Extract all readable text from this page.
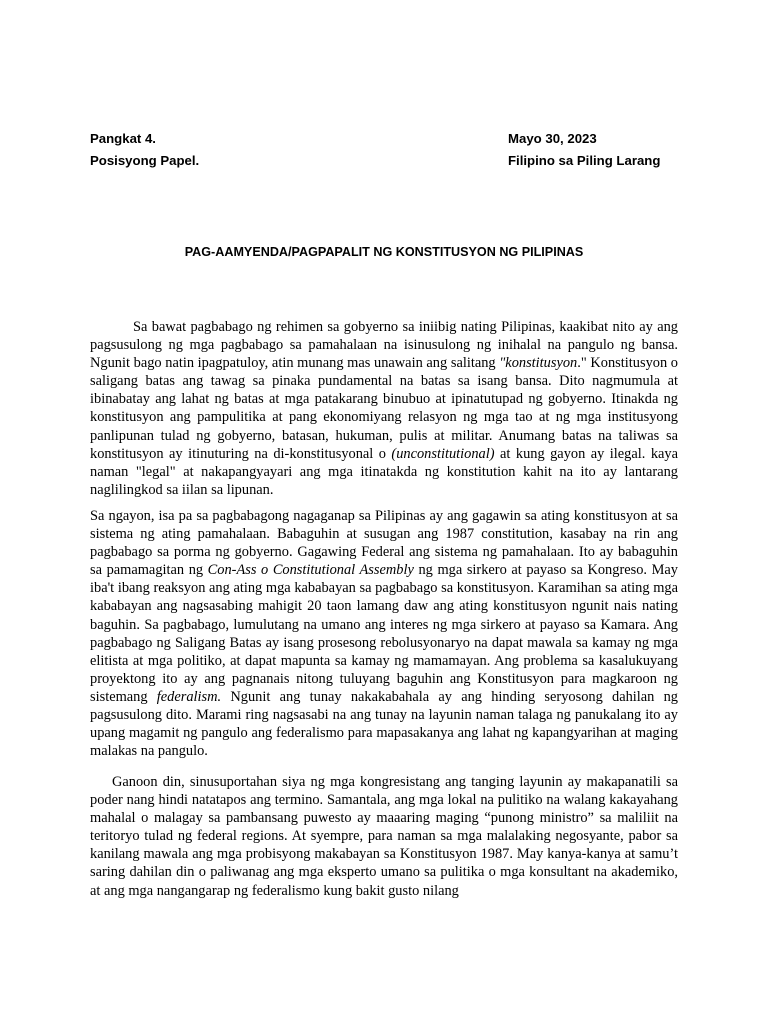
Pangkat 4.
Posisyong Papel.
Mayo 30, 2023
Filipino sa Piling Larang
PAG-AAMYENDA/PAGPAPALIT NG KONSTITUSYON NG PILIPINAS

Sa bawat pagbabago ng rehimen sa gobyerno sa iniibig nating Pilipinas, kaakibat nito ay ang pagsusulong ng mga pagbabago sa pamahalaan na isinusulong ng inihalal na pangulo ng bansa. Ngunit bago natin ipagpatuloy, atin munang mas unawain ang salitang "konstitusyon." Konstitusyon o saligang batas ang tawag sa pinaka pundamental na batas sa isang bansa. Dito nagmumula at ibinabatay ang lahat ng batas at mga patakarang binubuo at ipinatutupad ng gobyerno. Itinakda ng konstitusyon ang pampulitika at pang ekonomiyang relasyon ng mga tao at ng mga institusyong panlipunan tulad ng gobyerno, batasan, hukuman, pulis at militar. Anumang batas na taliwas sa konstitusyon ay itinuturing na di-konstitusyonal o (unconstitutional) at kung gayon ay ilegal. kaya naman "legal" at nakapangyayari ang mga itinatakda ng konstitution kahit na ito ay lantarang naglilingkod sa iilan sa lipunan.

Sa ngayon, isa pa sa pagbabagong nagaganap sa Pilipinas ay ang gagawin sa ating konstitusyon at sa sistema ng ating pamahalaan. Babaguhin at susugan ang 1987 constitution, kasabay na rin ang pagbabago sa porma ng gobyerno. Gagawing Federal ang sistema ng pamahalaan. Ito ay babaguhin sa pamamagitan ng Con-Ass o Constitutional Assembly ng mga sirkero at payaso sa Kongreso. May iba't ibang reaksyon ang ating mga kababayan sa pagbabago sa konstitusyon. Karamihan sa ating mga kababayan ang nagsasabing mahigit 20 taon lamang daw ang ating konstitusyon ngunit nais nating baguhin. Sa pagbabago, lumulutang na umano ang interes ng mga sirkero at payaso sa Kamara. Ang pagbabago ng Saligang Batas ay isang prosesong rebolusyonaryo na dapat mawala sa kamay ng mga elitista at mga politiko, at dapat mapunta sa kamay ng mamamayan. Ang problema sa kasalukuyang proyektong ito ay ang pagnanais nitong tuluyang baguhin ang Konstitusyon para magkaroon ng sistemang federalism. Ngunit ang tunay nakakabahala ay ang hinding seryosong dahilan ng pagsusulong dito. Marami ring nagsasabi na ang tunay na layunin naman talaga ng panukalang ito ay upang magamit ng pangulo ang federalismo para mapasakanya ang lahat ng kapangyarihan at maging malakas na pangulo.

Ganoon din, sinusuportahan siya ng mga kongresistang ang tanging layunin ay makapanatili sa poder nang hindi natatapos ang termino. Samantala, ang mga lokal na pulitiko na walang kakayahang mahalal o malagay sa pambansang puwesto ay maaaring maging “punong ministro” sa maliliit na teritoryo tulad ng federal regions. At syempre, para naman sa mga malalaking negosyante, pabor sa kanilang mawala ang mga probisyong makabayan sa Konstitusyon 1987. May kanya-kanya at samu’t saring dahilan din o paliwanag ang mga eksperto umano sa pulitika o mga konsultant na akademiko, at ang mga nangangarap ng federalismo kung bakit gusto nilang
